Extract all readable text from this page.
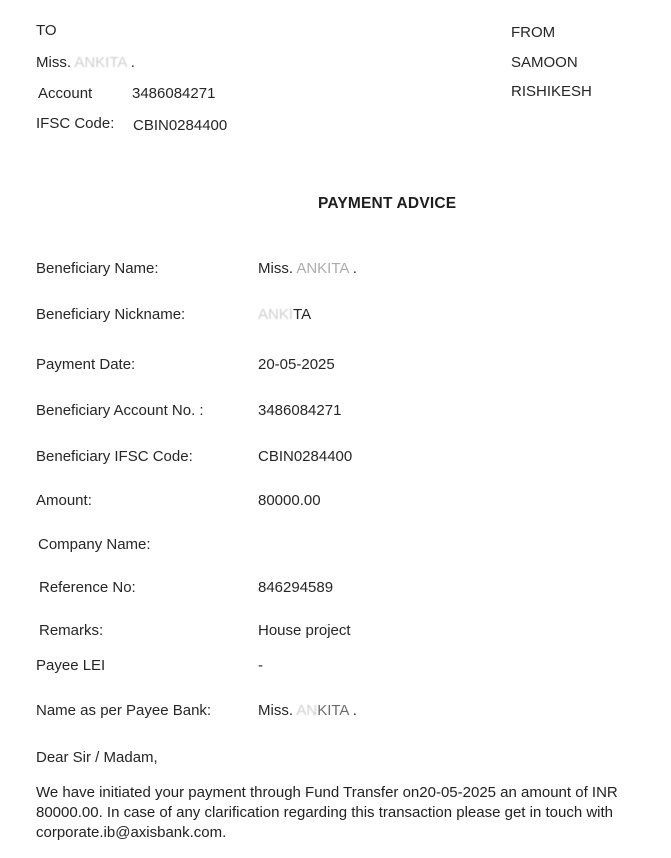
TO
Miss. ANKITA .
Account	3486084271
IFSC Code: CBIN0284400
FROM
SAMOON
RISHIKESH
PAYMENT ADVICE
Beneficiary Name:	Miss. ANKITA .
Beneficiary Nickname:	ANKITA
Payment Date:	20-05-2025
Beneficiary Account No. :	3486084271
Beneficiary IFSC Code:	CBIN0284400
Amount:	80000.00
Company Name:
Reference No:	846294589
Remarks:	House project
Payee LEI	-
Name as per Payee Bank:	Miss. ANKITA .
Dear Sir / Madam,
We have initiated your payment through Fund Transfer on20-05-2025 an amount of INR 80000.00. In case of any clarification regarding this transaction please get in touch with corporate.ib@axisbank.com.
